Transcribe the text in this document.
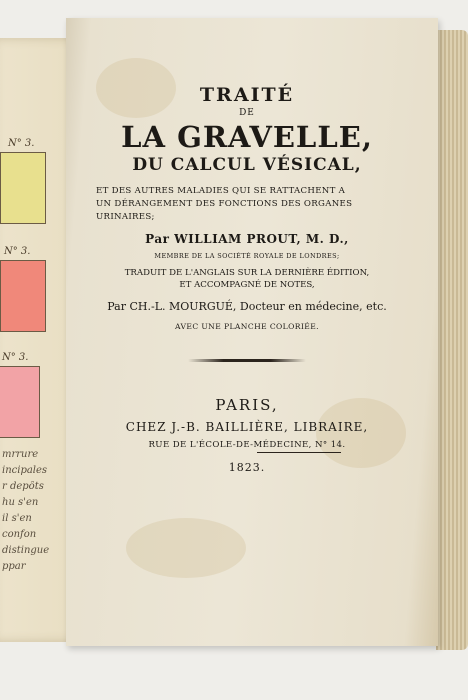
N° 3.
N° 3.
N° 3.
mrrure
incipales
r depôts
hu s'en
il s'en
confon
distingue
ppar
TRAITÉ
DE
LA GRAVELLE,
DU CALCUL VÉSICAL,
ET DES AUTRES MALADIES QUI SE RATTACHENT A
UN DÉRANGEMENT DES FONCTIONS DES ORGANES
URINAIRES;
Par WILLIAM PROUT, M. D.,
MEMBRE DE LA SOCIÉTÉ ROYALE DE LONDRES;
TRADUIT DE L'ANGLAIS SUR LA DERNIÈRE ÉDITION,
ET ACCOMPAGNÉ DE NOTES,
Par CH.-L. MOURGUÉ, Docteur en médecine, etc.
AVEC UNE PLANCHE COLORIÉE.
PARIS,
CHEZ J.-B. BAILLIÈRE, LIBRAIRE,
RUE DE L'ÉCOLE-DE-MÉDECINE, N° 14.
1823.
